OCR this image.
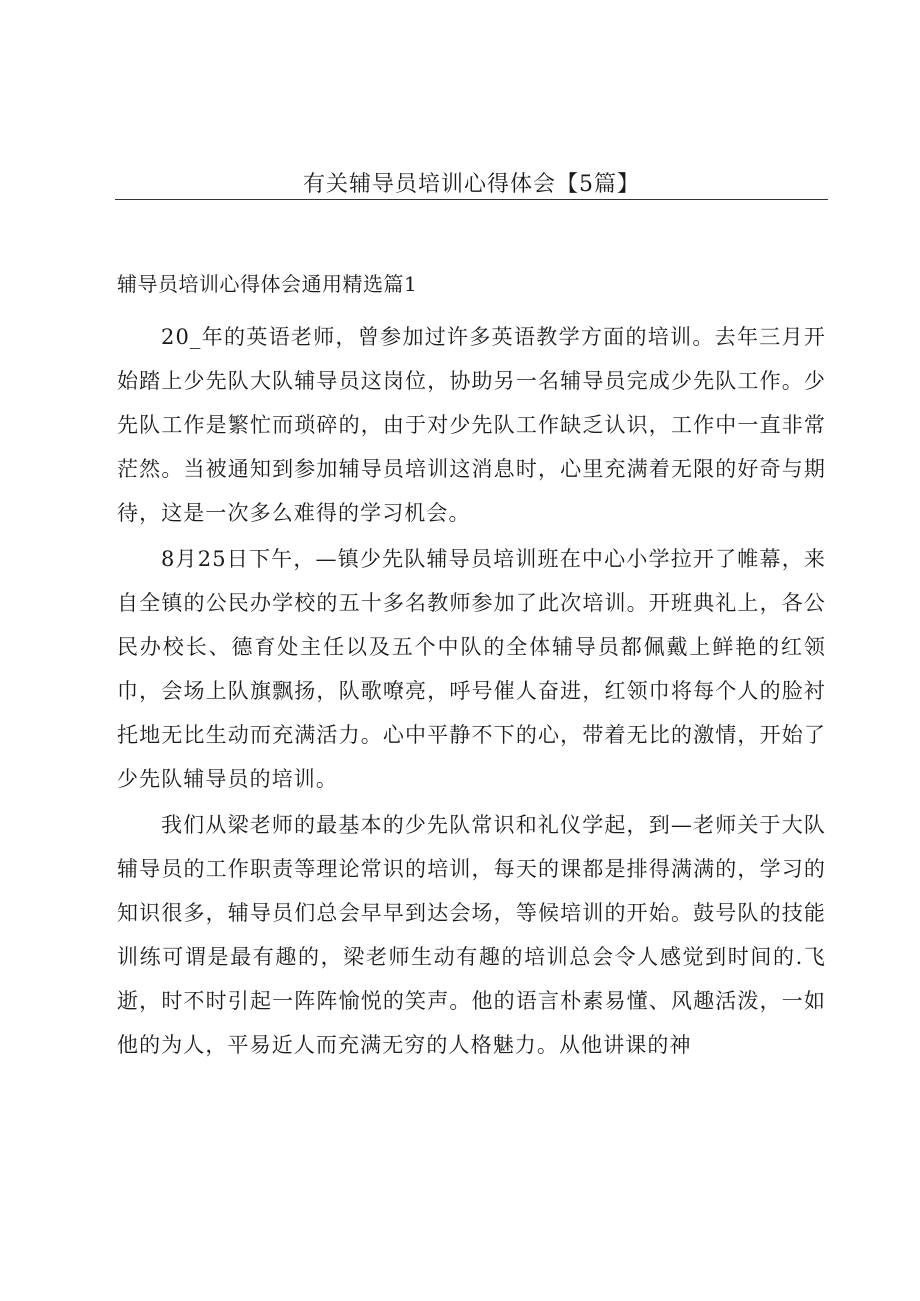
有关辅导员培训心得体会【5篇】
辅导员培训心得体会通用精选篇1

20_年的英语老师，曾参加过许多英语教学方面的培训。去年三月开始踏上少先队大队辅导员这岗位，协助另一名辅导员完成少先队工作。少先队工作是繁忙而琐碎的，由于对少先队工作缺乏认识，工作中一直非常茫然。当被通知到参加辅导员培训这消息时，心里充满着无限的好奇与期待，这是一次多么难得的学习机会。

8月25日下午，—镇少先队辅导员培训班在中心小学拉开了帷幕，来自全镇的公民办学校的五十多名教师参加了此次培训。开班典礼上，各公民办校长、德育处主任以及五个中队的全体辅导员都佩戴上鲜艳的红领巾，会场上队旗飘扬，队歌嘹亮，呼号催人奋进，红领巾将每个人的脸衬托地无比生动而充满活力。心中平静不下的心，带着无比的激情，开始了少先队辅导员的培训。

我们从梁老师的最基本的少先队常识和礼仪学起，到—老师关于大队辅导员的工作职责等理论常识的培训，每天的课都是排得满满的，学习的知识很多，辅导员们总会早早到达会场，等候培训的开始。鼓号队的技能训练可谓是最有趣的，梁老师生动有趣的培训总会令人感觉到时间的.飞逝，时不时引起一阵阵愉悦的笑声。他的语言朴素易懂、风趣活泼，一如他的为人，平易近人而充满无穷的人格魅力。从他讲课的神
